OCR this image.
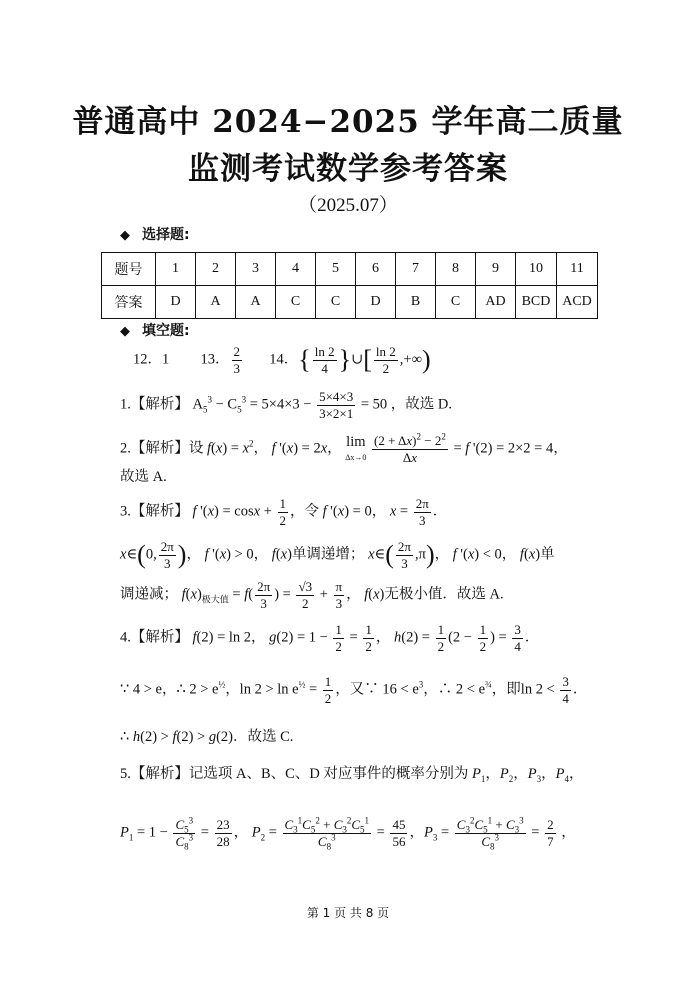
普通高中 2024−2025 学年高二质量
监测考试数学参考答案
（2025.07）
◆ 选择题:
题号	1	2	3	4	5	6	7	8	9	10	11
答案	D	A	A	C	C	D	B	C	AD	BCD	ACD
◆ 填空题:
12．1 13． $\frac{2}{3} 14$．{ $\frac{\ln 2}{4}$ }∪[ $\frac{\ln 2}{2}$ ,+∞)
1.【解析】 $A_5^3 - C_5^3 = 5\times 4\times 3 - \frac{5\times 4\times 3}{3\times 2\times 1} = 50$ ，故选 D.
2.【解析】设 $f(x) = x^2$， f '(x) = 2x， lim
$\Delta x\to 0 \frac{(2 + \Delta x)^2 - 2^2}{\Delta x} = f$ '(2) = 2×2 = 4，
故选 A.
3.【解析】 f '$(x) = \cos x + \frac{1}{2}$ ，令 f '(x) = 0， $x = \frac{2\pi}{3}$ ．
x∈(0, $\frac{2\pi}{3}$ )， f '(x) > 0， f(x)单调递增； x∈( $\frac{2\pi}{3} ,\pi$)， f '(x) < 0， f(x)单
调递减； $f(x)_{极大值} = f( \frac{2\pi}{3}$ ) = $\frac{√3}{2} + \frac{\pi}{3}$ ， f(x)无极小值．故选 A.
4.【解析】 f(2) = ln 2， $g(2) = 1 - \frac{1}{2} = \frac{1}{2}$ ， $h(2) = \frac{1}{2} (2 - \frac{1}{2}$ ) = $\frac{3}{4}$ ．
∵ 4 > e，∴ $2 > e^{\frac{1}{2}}$，$\ln 2 > \ln e^{\frac{1}{2}} = \frac{1}{2}$ ，又∵ $16 < e^3$，∴ $2 < e^{\frac{3}{4}}$，即$\ln 2 < \frac{3}{4}$ ．
∴ h(2) > f(2) > g(2)．故选 C.
5.【解析】记选项 A、B、C、D 对应事件的概率分别为 $P_1$，$P_2$，$P_3$，$P_4$，
$P_1 = 1 - \frac{C_5^3}{C_8^3} = \frac{23}{28}$ ， $P_2 = \frac{C_3^1C_5^2 + C_3^2C_5^1}{C_8^3} = \frac{45}{56}$ ，$P_3 = \frac{C_3^2C_5^1 + C_3^3}{C_8^3} = \frac{2}{7}$ ，
第 1 页 共 8 页
